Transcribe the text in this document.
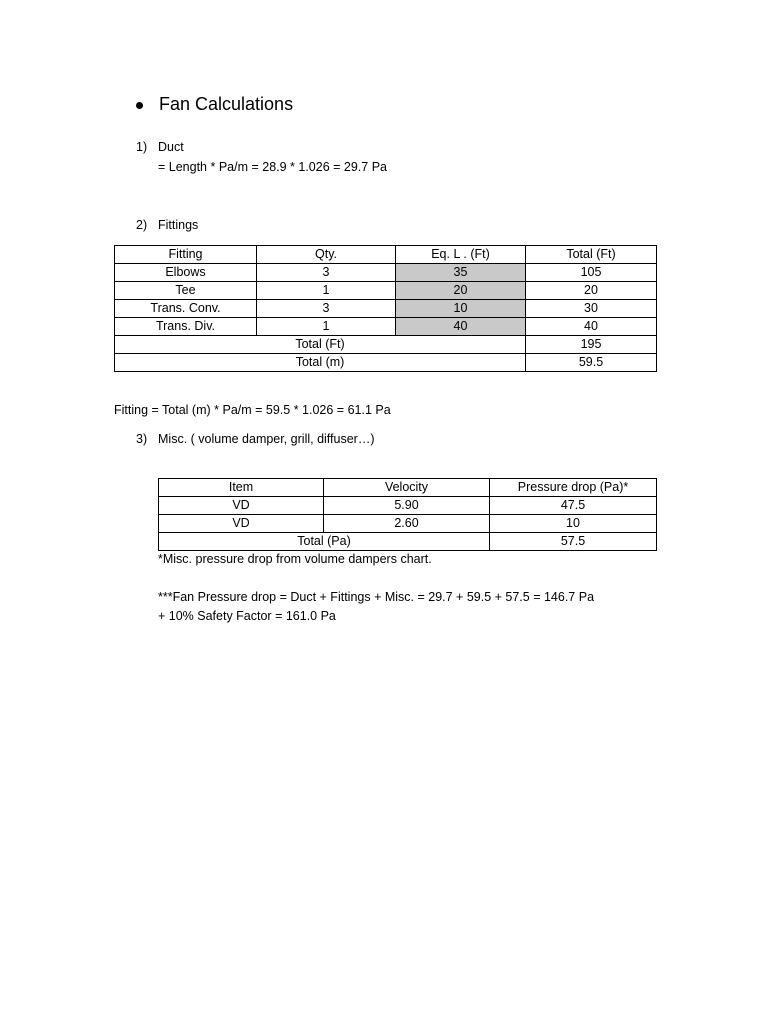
Fan Calculations
1) Duct
= Length * Pa/m = 28.9 * 1.026 = 29.7 Pa
2) Fittings
Fitting	Qty.	Eq. L . (Ft)	Total (Ft)
Elbows	3	35	105
Tee	1	20	20
Trans. Conv.	3	10	30
Trans. Div.	1	40	40
Total (Ft)			195
Total (m)			59.5
Fitting = Total (m) * Pa/m = 59.5 * 1.026 = 61.1 Pa
3) Misc. ( volume damper, grill, diffuser…)
Item	Velocity	Pressure drop (Pa)*
VD	5.90	47.5
VD	2.60	10
Total (Pa)		57.5
*Misc. pressure drop from volume dampers chart.
***Fan Pressure drop = Duct + Fittings + Misc. = 29.7 + 59.5 + 57.5 = 146.7 Pa
+ 10% Safety Factor = 161.0 Pa
